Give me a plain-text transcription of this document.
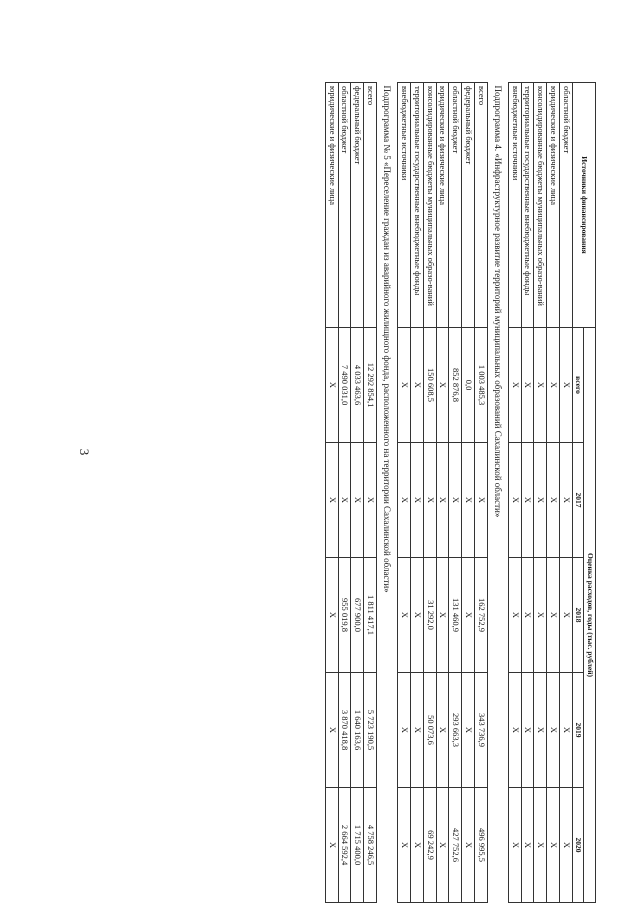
3
Источники финансирования	Оценка расходов, годы (тыс. рублей)				
	всего	2017	2018	2019	2020
областной бюджет	X	X	X	X	X
юридические и физические лица	X	X	X	X	X
консолидированные бюджеты муниципальных образо-ваний	X	X	X	X	X
территориальные государственные внебюджетные фонды	X	X	X	X	X
внебюджетные источники	X	X	X	X	X
Подпрограмма 4. «Инфраструктурное развитие территорий муниципальных образований Сахалинской области»					
всего	1 003 485,3	X	162 752,9	343 736,9	496 995,5
федеральный бюджет	0,0	X	X	X	X
областной бюджет	852 876,8	X	131 460,9	293 663,3	427 752,6
юридические и физические лица	X	X	X	X	X
консолидированные бюджеты муниципальных образо-ваний	150 608,5	X	31 292,0	50 073,6	69 242,9
территориальные государственные внебюджетные фонды	X	X	X	X	X
внебюджетные источники	X	X	X	X	X
Подпрограмма № 5 «Переселение граждан из аварийного жилищного фонда, расположенного на территории Сахалинской области»					
всего	12 292 854,1	X	1 811 417,1	5 723 190,5	4 758 246,5
федеральный бюджет	4 033 463,6	X	677 900,0	1 640 163,6	1 715 400,0
областной бюджет	7 490 031,0	X	955 019,8	3 870 418,8	2 664 592,4
юридические и физические лица	X	X	X	X	X
